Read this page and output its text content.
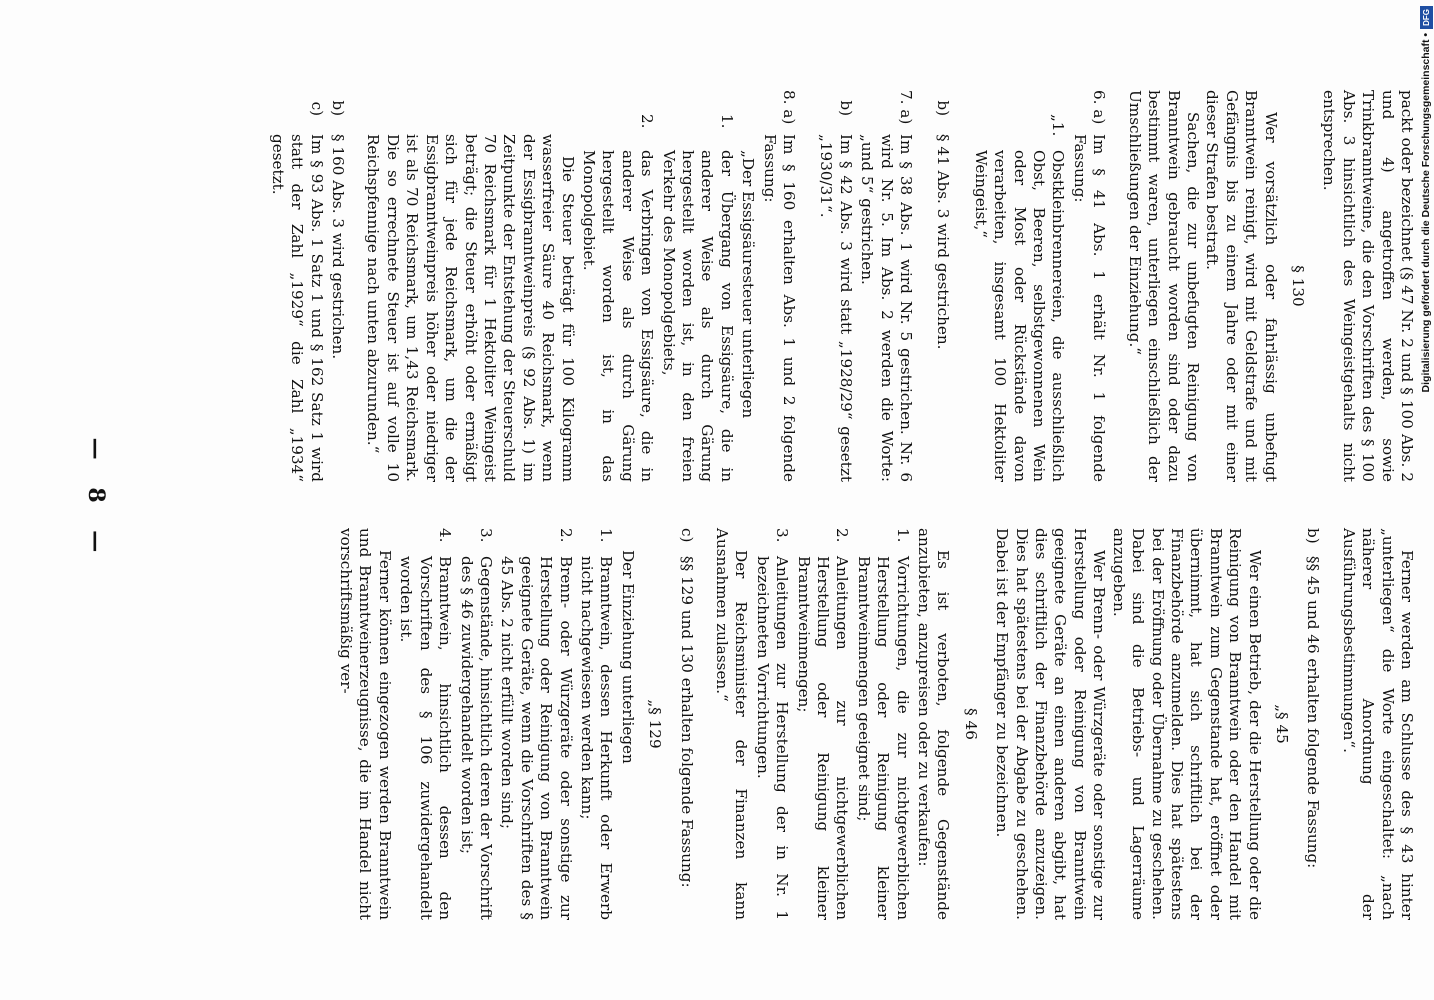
— 8 —

Ferner werden am Schlusse des § 43 hinter „unterliegen“ die Worte eingeschaltet: „nach näherer Anordnung der Ausführungsbestimmungen“.

b)
§§ 45 und 46 erhalten folgende Fassung:
„§ 45

Wer einen Betrieb, der die Herstellung oder die Reinigung von Branntwein oder den Handel mit Branntwein zum Gegenstande hat, eröffnet oder übernimmt, hat sich schriftlich bei der Finanzbehörde anzumelden. Dies hat spätestens bei der Eröffnung oder Übernahme zu geschehen. Dabei sind die Betriebs- und Lagerräume anzugeben.

Wer Brenn- oder Würzgeräte oder sonstige zur Herstellung oder Reinigung von Branntwein geeignete Geräte an einen anderen abgibt, hat dies schriftlich der Finanzbehörde anzuzeigen. Dies hat spätestens bei der Abgabe zu geschehen. Dabei ist der Empfänger zu bezeichnen.

§ 46

Es ist verboten, folgende Gegenstände anzubieten, anzupreisen oder zu verkaufen:

1.
Vorrichtungen, die zur nichtgewerblichen Herstellung oder Reinigung kleiner Branntweinmengen geeignet sind;
2.
Anleitungen zur nichtgewerblichen Herstellung oder Reinigung kleiner Branntweinmengen;
3.
Anleitungen zur Herstellung der in Nr. 1 bezeichneten Vorrichtungen.

Der Reichsminister der Finanzen kann Ausnahmen zulassen.“

c)
§§ 129 und 130 erhalten folgende Fassung:
„§ 129

Der Einziehung unterliegen

1.
Branntwein, dessen Herkunft oder Erwerb nicht nachgewiesen werden kann;
2.
Brenn- oder Würzgeräte oder sonstige zur Herstellung oder Reinigung von Branntwein geeignete Geräte, wenn die Vorschriften des § 45 Abs. 2 nicht erfüllt worden sind;
3.
Gegenstände, hinsichtlich deren der Vorschrift des § 46 zuwidergehandelt worden ist;
4.
Branntwein, hinsichtlich dessen den Vorschriften des § 106 zuwidergehandelt worden ist.

Ferner können eingezogen werden Branntwein und Branntweinerzeugnisse, die im Handel nicht vorschriftsmäßig ver-

packt oder bezeichnet (§ 47 Nr. 2 und § 100 Abs. 2 und 4) angetroffen werden, sowie Trinkbranntweine, die den Vorschriften des § 100 Abs. 3 hinsichtlich des Weingeistgehalts nicht entsprechen.

§ 130

Wer vorsätzlich oder fahrlässig unbefugt Branntwein reinigt, wird mit Geldstrafe und mit Gefängnis bis zu einem Jahre oder mit einer dieser Strafen bestraft.

Sachen, die zur unbefugten Reinigung von Branntwein gebraucht worden sind oder dazu bestimmt waren, unterliegen einschließlich der Umschließungen der Einziehung.“

6. a)
Im § 41 Abs. 1 erhält Nr. 1 folgende Fassung:
„1.
Obstkleinbrennereien, die ausschließlich Obst, Beeren, selbstgewonnenen Wein oder Most oder Rückstände davon verarbeiten, insgesamt 100 Hektoliter Weingeist,“
b)
§ 41 Abs. 3 wird gestrichen.
7. a)
Im § 38 Abs. 1 wird Nr. 5 gestrichen. Nr. 6 wird Nr. 5. Im Abs. 2 werden die Worte: „und 5“ gestrichen.
b)
Im § 42 Abs. 3 wird statt „1928/29“ gesetzt „1930/31“.
8. a)
Im § 160 erhalten Abs. 1 und 2 folgende Fassung:

„Der Essigsäuresteuer unterliegen

1.
der Übergang von Essigsäure, die in anderer Weise als durch Gärung hergestellt worden ist, in den freien Verkehr des Monopolgebiets,
2.
das Verbringen von Essigsäure, die in anderer Weise als durch Gärung hergestellt worden ist, in das Monopolgebiet.

Die Steuer beträgt für 100 Kilogramm wasserfreier Säure 40 Reichsmark, wenn der Essigbranntweinpreis (§ 92 Abs. 1) im Zeitpunkte der Entstehung der Steuerschuld 70 Reichsmark für 1 Hektoliter Weingeist beträgt; die Steuer erhöht oder ermäßigt sich für jede Reichsmark, um die der Essigbranntweinpreis höher oder niedriger ist als 70 Reichsmark, um 1,43 Reichsmark. Die so errechnete Steuer ist auf volle 10 Reichspfennige nach unten abzurunden.“

b)
§ 160 Abs. 3 wird gestrichen.
c)
Im § 93 Abs. 1 Satz 1 und § 162 Satz 1 wird statt der Zahl „1929“ die Zahl „1934“ gesetzt.	Digitalisierung gefördert durch die Deutsche Forschungsgemeinschaft •
DFG
